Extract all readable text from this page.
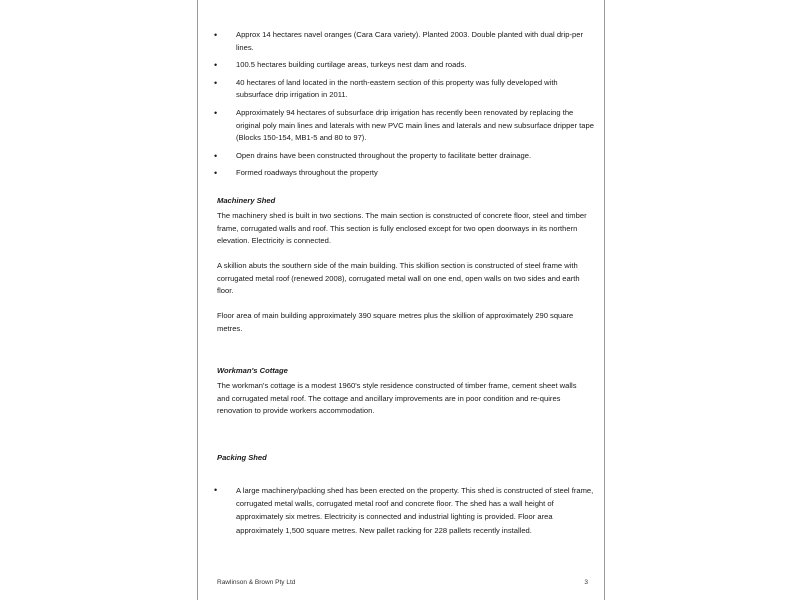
• Approx 14 hectares navel oranges (Cara Cara variety). Planted 2003. Double planted with dual drip-per lines.
• 100.5 hectares building curtilage areas, turkeys nest dam and roads.
• 40 hectares of land located in the north-eastern section of this property was fully developed with subsurface drip irrigation in 2011.
• Approximately 94 hectares of subsurface drip irrigation has recently been renovated by replacing the original poly main lines and laterals with new PVC main lines and laterals and new subsurface dripper tape (Blocks 150-154, MB1-5 and 80 to 97).
• Open drains have been constructed throughout the property to facilitate better drainage.
• Formed roadways throughout the property
Machinery Shed
The machinery shed is built in two sections. The main section is constructed of concrete floor, steel and timber frame, corrugated walls and roof. This section is fully enclosed except for two open doorways in its northern elevation. Electricity is connected.
A skillion abuts the southern side of the main building. This skillion section is constructed of steel frame with corrugated metal roof (renewed 2008), corrugated metal wall on one end, open walls on two sides and earth floor.
Floor area of main building approximately 390 square metres plus the skillion of approximately 290 square metres.
Workman's Cottage
The workman's cottage is a modest 1960's style residence constructed of timber frame, cement sheet walls and corrugated metal roof. The cottage and ancillary improvements are in poor condition and re-quires renovation to provide workers accommodation.
Packing Shed
• A large machinery/packing shed has been erected on the property. This shed is constructed of steel frame, corrugated metal walls, corrugated metal roof and concrete floor. The shed has a wall height of approximately six metres. Electricity is connected and industrial lighting is provided. Floor area approximately 1,500 square metres. New pallet racking for 228 pallets recently installed.
Rawlinson & Brown Pty Ltd	3
